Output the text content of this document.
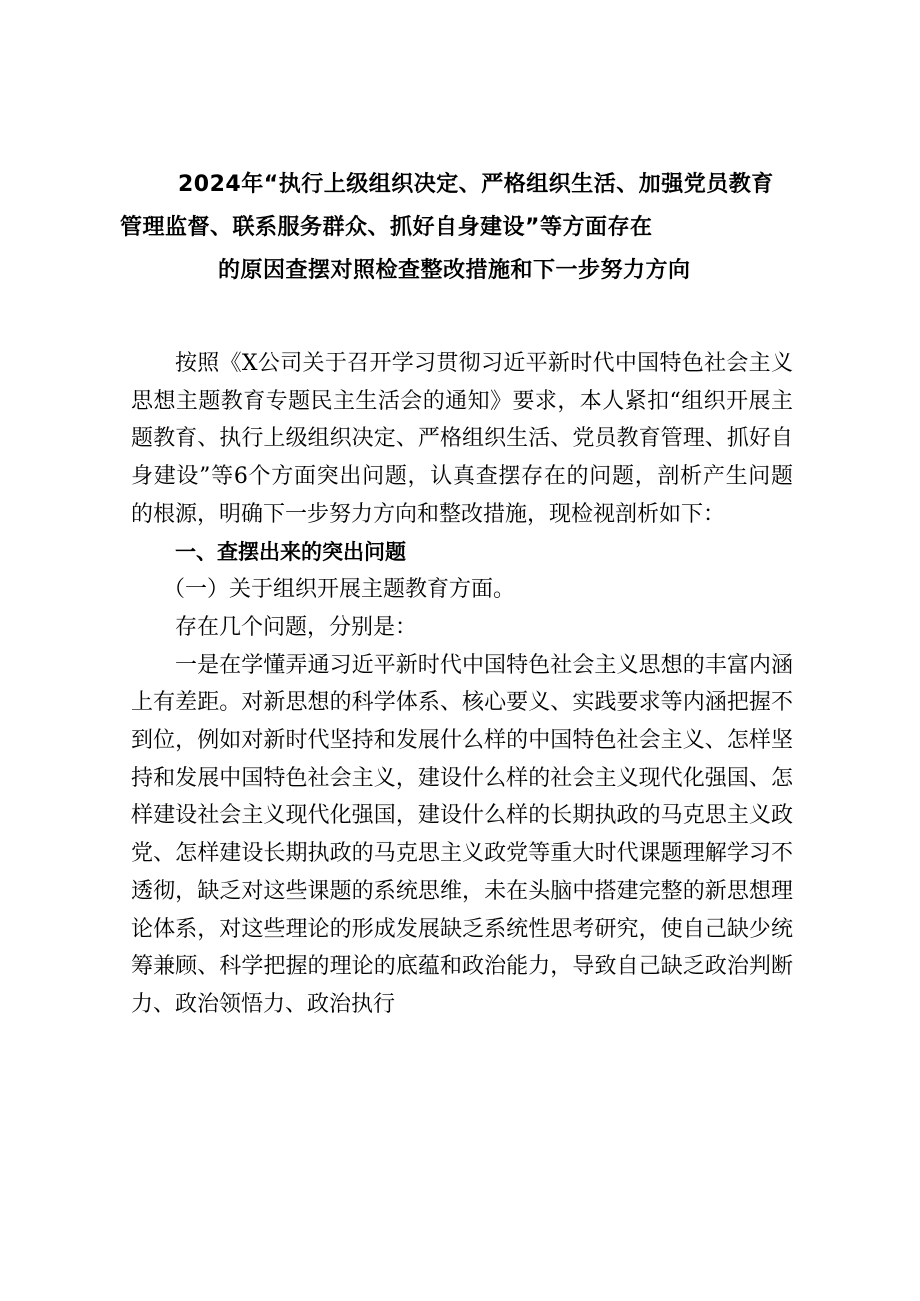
2024年“执行上级组织决定、严格组织生活、加强党员教育
管理监督、联系服务群众、抓好自身建设”等方面存在
的原因查摆对照检查整改措施和下一步努力方向

按照《X公司关于召开学习贯彻习近平新时代中国特色社会主义思想主题教育专题民主生活会的通知》要求，本人紧扣“组织开展主题教育、执行上级组织决定、严格组织生活、党员教育管理、抓好自身建设”等6个方面突出问题，认真查摆存在的问题，剖析产生问题的根源，明确下一步努力方向和整改措施，现检视剖析如下：

一、查摆出来的突出问题

（一）关于组织开展主题教育方面。

存在几个问题，分别是：

一是在学懂弄通习近平新时代中国特色社会主义思想的丰富内涵上有差距。对新思想的科学体系、核心要义、实践要求等内涵把握不到位，例如对新时代坚持和发展什么样的中国特色社会主义、怎样坚持和发展中国特色社会主义，建设什么样的社会主义现代化强国、怎样建设社会主义现代化强国，建设什么样的长期执政的马克思主义政党、怎样建设长期执政的马克思主义政党等重大时代课题理解学习不透彻，缺乏对这些课题的系统思维，未在头脑中搭建完整的新思想理论体系，对这些理论的形成发展缺乏系统性思考研究，使自己缺少统筹兼顾、科学把握的理论的底蕴和政治能力，导致自己缺乏政治判断力、政治领悟力、政治执行
